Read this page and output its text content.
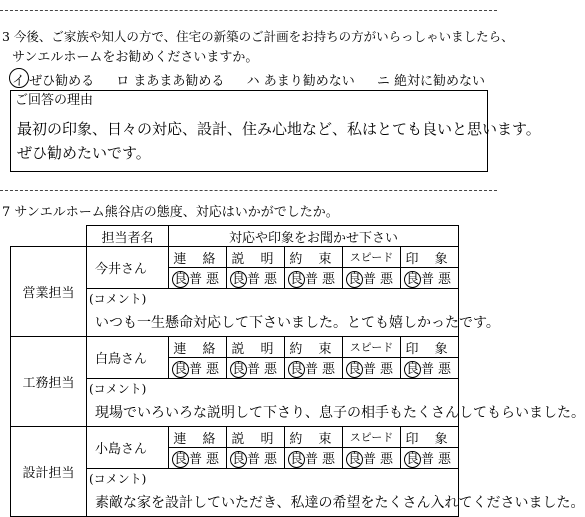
3 今後、ご家族や知人の方で、住宅の新築のご計画をお持ちの方がいらっしゃいましたら、
サンエルホームをお勧めくださいますか。
イ ぜひ勧める ロ まあまあ勧める ハ あまり勧めない ニ 絶対に勧めない
ご回答の理由
最初の印象、日々の対応、設計、住み心地など、私はとても良いと思います。
ぜひ勧めたいです。
7 サンエルホーム熊谷店の態度、対応はいかがでしたか。
	担当者名	対応や印象をお聞かせ下さい				
営業担当	今井さん	連 絡	説 明	約 束	スピード	印 象
		良 普悪	良 普悪	良 普悪	良 普悪	良 普悪

	(コメント)					

	いつも一生懸命対応して下さいました。とても嬉しかったです。					

工務担当	白鳥さん	連 絡	説 明	約 束	スピード	印 象
		良 普悪	良 普悪	良 普悪	良 普悪	良 普悪

	(コメント)					

	現場でいろいろな説明して下さり、息子の相手もたくさんしてもらいました。					

設計担当	小島さん	連 絡	説 明	約 束	スピード	印 象
		良 普悪	良 普悪	良 普悪	良 普悪	良 普悪

	(コメント)					

	素敵な家を設計していただき、私達の希望をたくさん入れてくださいました。					
